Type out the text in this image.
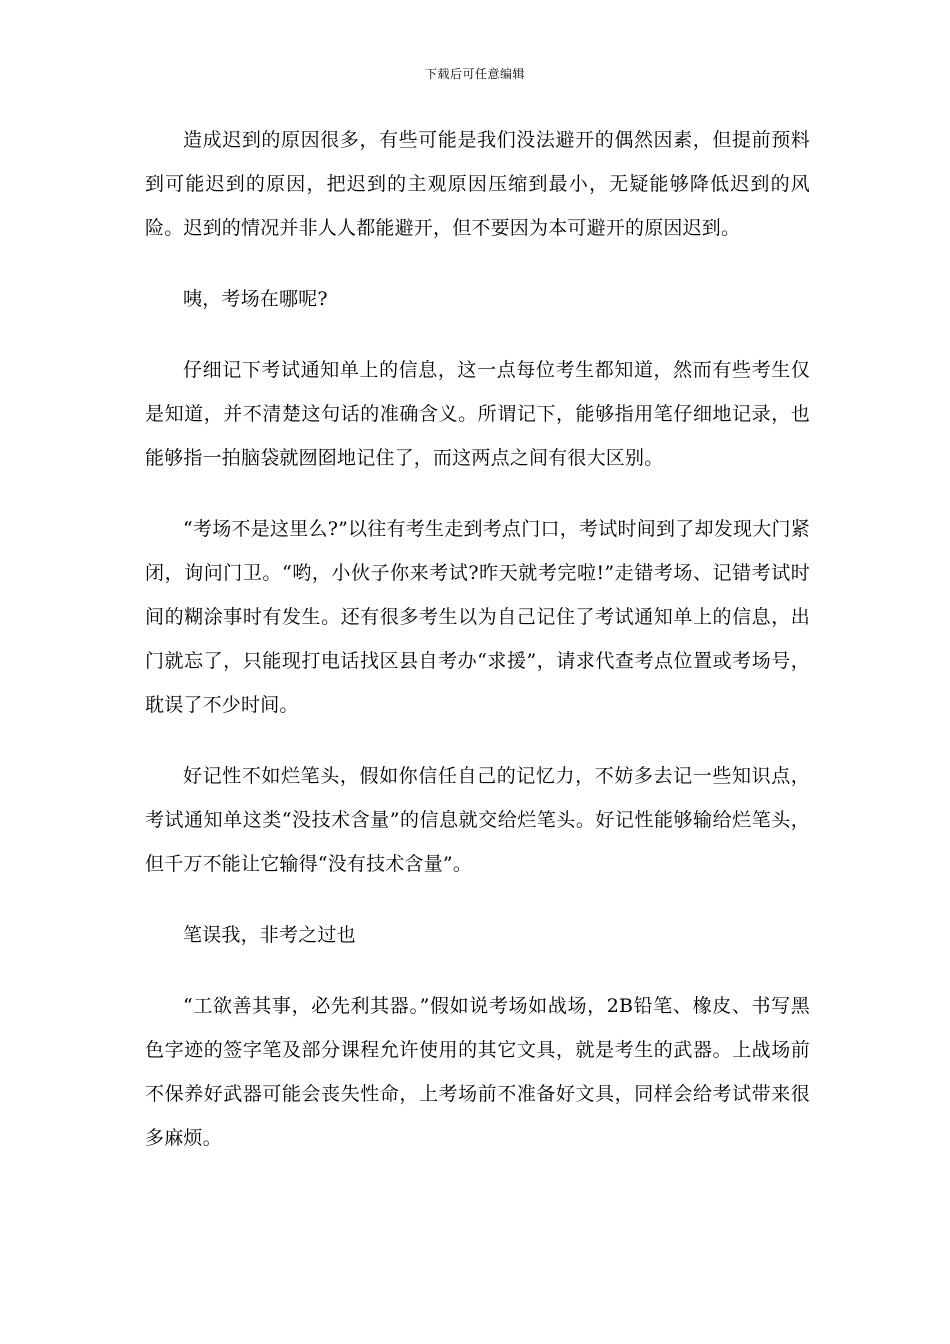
下载后可任意编辑

造成迟到的原因很多，有些可能是我们没法避开的偶然因素，但提前预料到可能迟到的原因，把迟到的主观原因压缩到最小，无疑能够降低迟到的风险。迟到的情况并非人人都能避开，但不要因为本可避开的原因迟到。

咦，考场在哪呢?

仔细记下考试通知单上的信息，这一点每位考生都知道，然而有些考生仅是知道，并不清楚这句话的准确含义。所谓记下，能够指用笔仔细地记录，也能够指一拍脑袋就囫囵地记住了，而这两点之间有很大区别。

“考场不是这里么?”以往有考生走到考点门口，考试时间到了却发现大门紧闭，询问门卫。“哟，小伙子你来考试?昨天就考完啦!”走错考场、记错考试时间的糊涂事时有发生。还有很多考生以为自己记住了考试通知单上的信息，出门就忘了，只能现打电话找区县自考办“求援”，请求代查考点位置或考场号，耽误了不少时间。

好记性不如烂笔头，假如你信任自己的记忆力，不妨多去记一些知识点，考试通知单这类“没技术含量”的信息就交给烂笔头。好记性能够输给烂笔头，但千万不能让它输得“没有技术含量”。

笔误我，非考之过也

“工欲善其事，必先利其器。”假如说考场如战场，2B铅笔、橡皮、书写黑色字迹的签字笔及部分课程允许使用的其它文具，就是考生的武器。上战场前不保养好武器可能会丧失性命，上考场前不准备好文具，同样会给考试带来很多麻烦。
